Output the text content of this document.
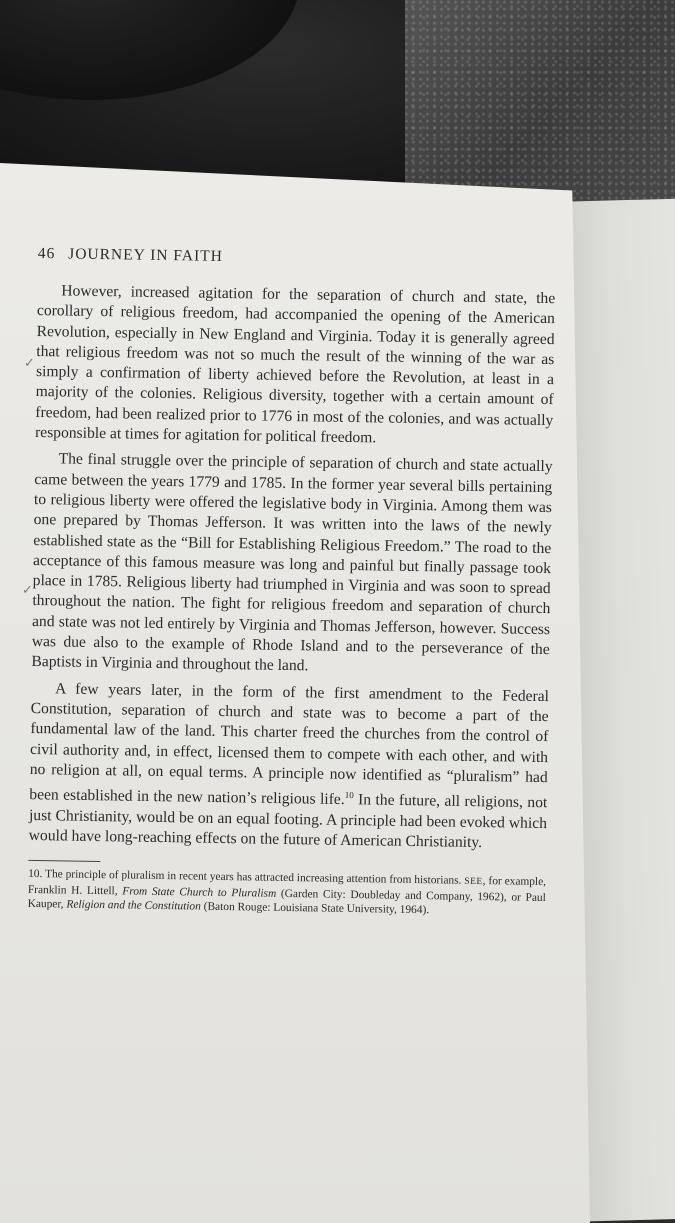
46 JOURNEY IN FAITH

However, increased agitation for the separation of church and state, the corollary of religious freedom, had accompanied the opening of the American Revolution, especially in New England and Virginia. Today it is generally agreed that religious freedom was not so much the result of the winning of the war as simply a confirmation of liberty achieved before the Revolution, at least in a majority of the colonies. Religious diversity, together with a certain amount of freedom, had been realized prior to 1776 in most of the colonies, and was actually responsible at times for agitation for political freedom.

The final struggle over the principle of separation of church and state actually came between the years 1779 and 1785. In the former year several bills pertaining to religious liberty were offered the legislative body in Virginia. Among them was one prepared by Thomas Jefferson. It was written into the laws of the newly established state as the “Bill for Establishing Religious Freedom.” The road to the acceptance of this famous measure was long and painful but finally passage took place in 1785. Religious liberty had triumphed in Virginia and was soon to spread throughout the nation. The fight for religious freedom and separation of church and state was not led entirely by Virginia and Thomas Jefferson, however. Success was due also to the example of Rhode Island and to the perseverance of the Baptists in Virginia and throughout the land.

A few years later, in the form of the first amendment to the Federal Constitution, separation of church and state was to become a part of the fundamental law of the land. This charter freed the churches from the control of civil authority and, in effect, licensed them to compete with each other, and with no religion at all, on equal terms. A principle now identified as “pluralism” had been established in the new nation’s religious life.$^{10}$ In the future, all religions, not just Christianity, would be on an equal footing. A principle had been evoked which would have long-reaching effects on the future of American Christianity.

10. The principle of pluralism in recent years has attracted increasing attention from historians. SEE, for example, Franklin H. Littell, From State Church to Pluralism (Garden City: Doubleday and Company, 1962), or Paul Kauper, Religion and the Constitution (Baton Rouge: Louisiana State University, 1964).

✓
✓
